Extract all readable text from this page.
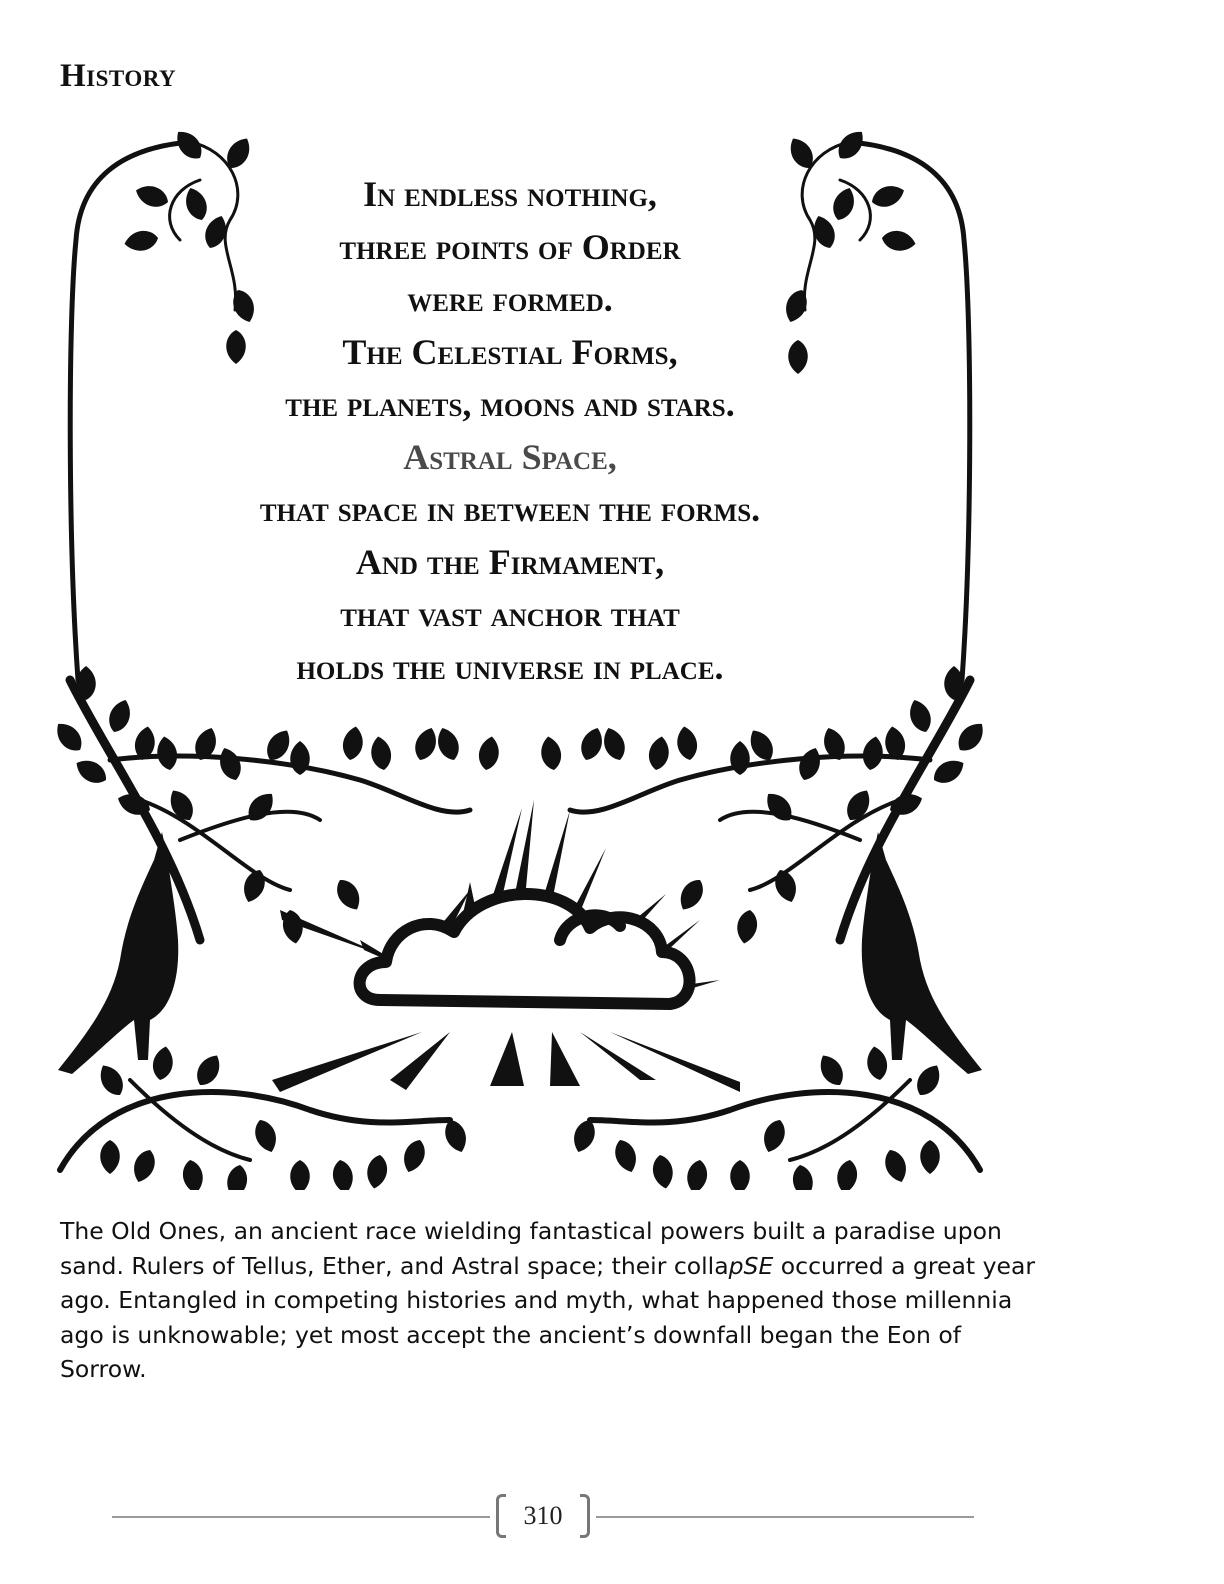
History
In endless nothing,
three points of Order
were formed.
The Celestial Forms,
the planets, moons and stars.
Astral Space,
that space in between the forms.
And the Firmament,
that vast anchor that
holds the universe in place.

The Old Ones, an ancient race wielding fantastical powers built a paradise upon sand. Rulers of Tellus, Ether, and Astral space; their collapSE occurred a great year ago. Entangled in competing histories and myth, what happened those millennia ago is unknowable; yet most accept the ancient’s downfall began the Eon of Sorrow.

310
